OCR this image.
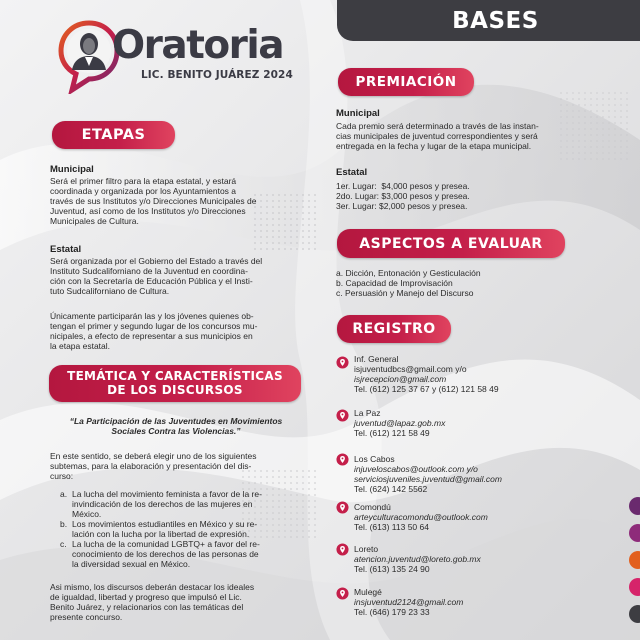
Oratoria
LIC. BENITO JUÁREZ 2024
BASES
ETAPAS
Municipal
Será el primer filtro para la etapa estatal, y estará
coordinada y organizada por los Ayuntamientos a
través de sus Institutos y/o Direcciones Municipales de
Juventud, así como de los Institutos y/o Direcciones
Municipales de Cultura.
Estatal
Será organizada por el Gobierno del Estado a través del
Instituto Sudcaliforniano de la Juventud en coordina-
ción con la Secretaría de Educación Pública y el Insti-
tuto Sudcaliforniano de Cultura.
Únicamente participarán las y los jóvenes quienes ob-
tengan el primer y segundo lugar de los concursos mu-
nicipales, a efecto de representar a sus municipios en
la etapa estatal.
TEMÁTICA Y CARACTERÍSTICAS
DE LOS DISCURSOS
“La Participación de las Juventudes en Movimientos
Sociales Contra las Violencias.”
En este sentido, se deberá elegir uno de los siguientes
subtemas, para la elaboración y presentación del dis-
curso:
a. La lucha del movimiento feminista a favor de la re-
invindicación de los derechos de las mujeres en
México.
b. Los movimientos estudiantiles en México y su re-
lación con la lucha por la libertad de expresión.
c. La lucha de la comunidad LGBTQ+ a favor del re-
conocimiento de los derechos de las personas de
la diversidad sexual en México.
Asi mismo, los discursos deberán destacar los ideales
de igualdad, libertad y progreso que impulsó el Lic.
Benito Juárez, y relacionarios con las temáticas del
presente concurso.
PREMIACIÓN
Municipal
Cada premio será determinado a través de las instan-
cias municipales de juventud correspondientes y será
entregada en la fecha y lugar de la etapa municipal.
Estatal
1er. Lugar: $4,000 pesos y presea.
2do. Lugar: $3,000 pesos y presea.
3er. Lugar: $2,000 pesos y presea.
ASPECTOS A EVALUAR
a. Dicción, Entonación y Gesticulación
b. Capacidad de Improvisación
c. Persuasión y Manejo del Discurso
REGISTRO
Inf. General
isjuventudbcs@gmail.com y/o
isjrecepcion@gmail.com
Tel. (612) 125 37 67 y (612) 121 58 49
La Paz
juventud@lapaz.gob.mx
Tel. (612) 121 58 49
Los Cabos
injuveloscabos@outlook.com y/o
serviciosjuveniles.juventud@gmail.com
Tel. (624) 142 5562
Comondú
arteyculturacomondu@outlook.com
Tel. (613) 113 50 64
Loreto
atencion.juventud@loreto.gob.mx
Tel. (613) 135 24 90
Mulegé
insjuventud2124@gmail.com
Tel. (646) 179 23 33
